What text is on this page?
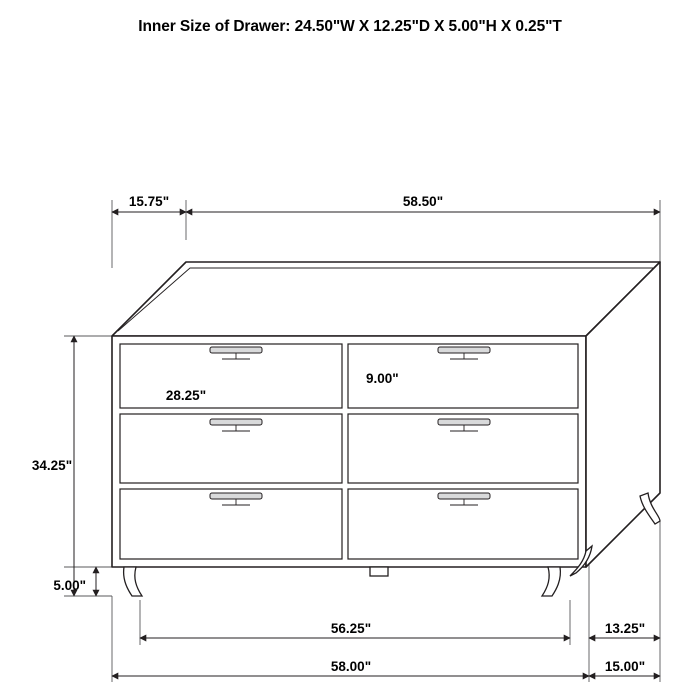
Inner Size of Drawer: 24.50"W X 12.25"D X 5.00"H X 0.25"T
15.75"	58.50"
34.25"
5.00"
28.25"
9.00"
56.25"	13.25"
58.00"	15.00"
